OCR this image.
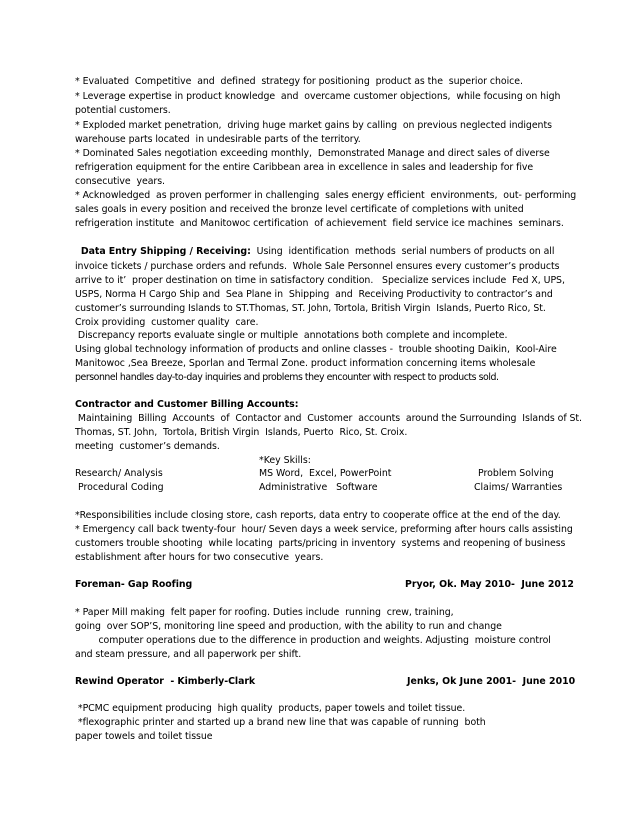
* Evaluated  Competitive  and  defined  strategy for positioning  product as the  superior choice.
* Leverage expertise in product knowledge  and  overcame customer objections,  while focusing on high
potential customers.
* Exploded market penetration,  driving huge market gains by calling  on previous neglected indigents
warehouse parts located  in undesirable parts of the territory.
* Dominated Sales negotiation exceeding monthly,  Demonstrated Manage and direct sales of diverse
refrigeration equipment for the entire Caribbean area in excellence in sales and leadership for five
consecutive  years.
* Acknowledged  as proven performer in challenging  sales energy efficient  environments,  out- performing
sales goals in every position and received the bronze level certificate of completions with united
refrigeration institute  and Manitowoc certification  of achievement  field service ice machines  seminars.
Data Entry Shipping / Receiving: Using  identification  methods  serial numbers of products on all
invoice tickets / purchase orders and refunds.  Whole Sale Personnel ensures every customer’s products
arrive to it’  proper destination on time in satisfactory condition.   Specialize services include  Fed X, UPS,
USPS, Norma H Cargo Ship and  Sea Plane in  Shipping  and  Receiving Productivity to contractor’s and
customer’s surrounding Islands to ST.Thomas, ST. John, Tortola, British Virgin  Islands, Puerto Rico, St.
Croix providing  customer quality  care.
Discrepancy reports evaluate single or multiple  annotations both complete and incomplete.
Using global technology information of products and online classes -  trouble shooting Daikin,  Kool-Aire
Manitowoc ,Sea Breeze, Sporlan and Termal Zone. product information concerning items wholesale
personnel handles day-to-day inquiries and problems they encounter with respect to products sold.
Contractor and Customer Billing Accounts:
Maintaining  Billing  Accounts  of  Contactor and  Customer  accounts  around the Surrounding  Islands of St.
Thomas, ST. John,  Tortola, British Virgin  Islands, Puerto  Rico, St. Croix.
meeting  customer’s demands.
*Key Skills:
Research/ Analysis	MS Word,  Excel, PowerPoint	Problem Solving
Procedural Coding	Administrative   Software	Claims/ Warranties
*Responsibilities include closing store, cash reports, data entry to cooperate office at the end of the day.
* Emergency call back twenty-four  hour/ Seven days a week service, preforming after hours calls assisting
customers trouble shooting  while locating  parts/pricing in inventory  systems and reopening of business
establishment after hours for two consecutive  years.
Foreman- Gap Roofing	Pryor, Ok. May 2010-  June 2012
* Paper Mill making  felt paper for roofing. Duties include  running  crew, training,
going  over SOP’S, monitoring line speed and production, with the ability to run and change
computer operations due to the difference in production and weights. Adjusting  moisture control
and steam pressure, and all paperwork per shift.
Rewind Operator  - Kimberly-Clark	Jenks, Ok June 2001-  June 2010
*PCMC equipment producing  high quality  products, paper towels and toilet tissue.
*flexographic printer and started up a brand new line that was capable of running  both
paper towels and toilet tissue
